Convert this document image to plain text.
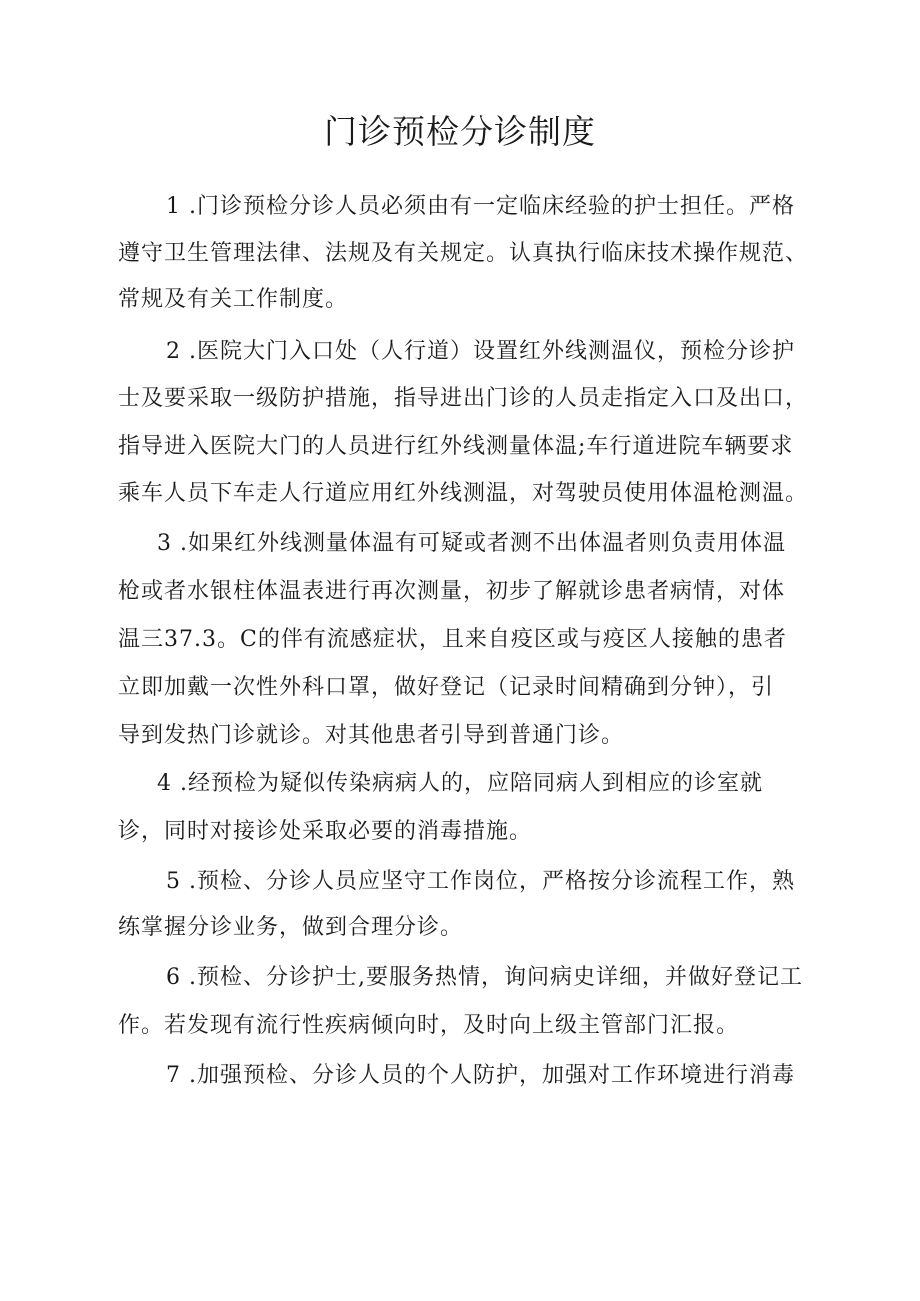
门诊预检分诊制度
1 .门诊预检分诊人员必须由有一定临床经验的护士担任。严格
遵守卫生管理法律、法规及有关规定。认真执行临床技术操作规范、
常规及有关工作制度。
2 .医院大门入口处（人行道）设置红外线测温仪，预检分诊护
士及要采取一级防护措施，指导进出门诊的人员走指定入口及出口，
指导进入医院大门的人员进行红外线测量体温;车行道进院车辆要求
乘车人员下车走人行道应用红外线测温，对驾驶员使用体温枪测温。
3 .如果红外线测量体温有可疑或者测不出体温者则负责用体温
枪或者水银柱体温表进行再次测量，初步了解就诊患者病情，对体
温三37.3。C的伴有流感症状，且来自疫区或与疫区人接触的患者
立即加戴一次性外科口罩，做好登记（记录时间精确到分钟），引
导到发热门诊就诊。对其他患者引导到普通门诊。
4 .经预检为疑似传染病病人的，应陪同病人到相应的诊室就
诊，同时对接诊处采取必要的消毒措施。
5 .预检、分诊人员应坚守工作岗位，严格按分诊流程工作，熟
练掌握分诊业务，做到合理分诊。
6 .预检、分诊护士,要服务热情，询问病史详细，并做好登记工
作。若发现有流行性疾病倾向时，及时向上级主管部门汇报。
7 .加强预检、分诊人员的个人防护，加强对工作环境进行消毒
